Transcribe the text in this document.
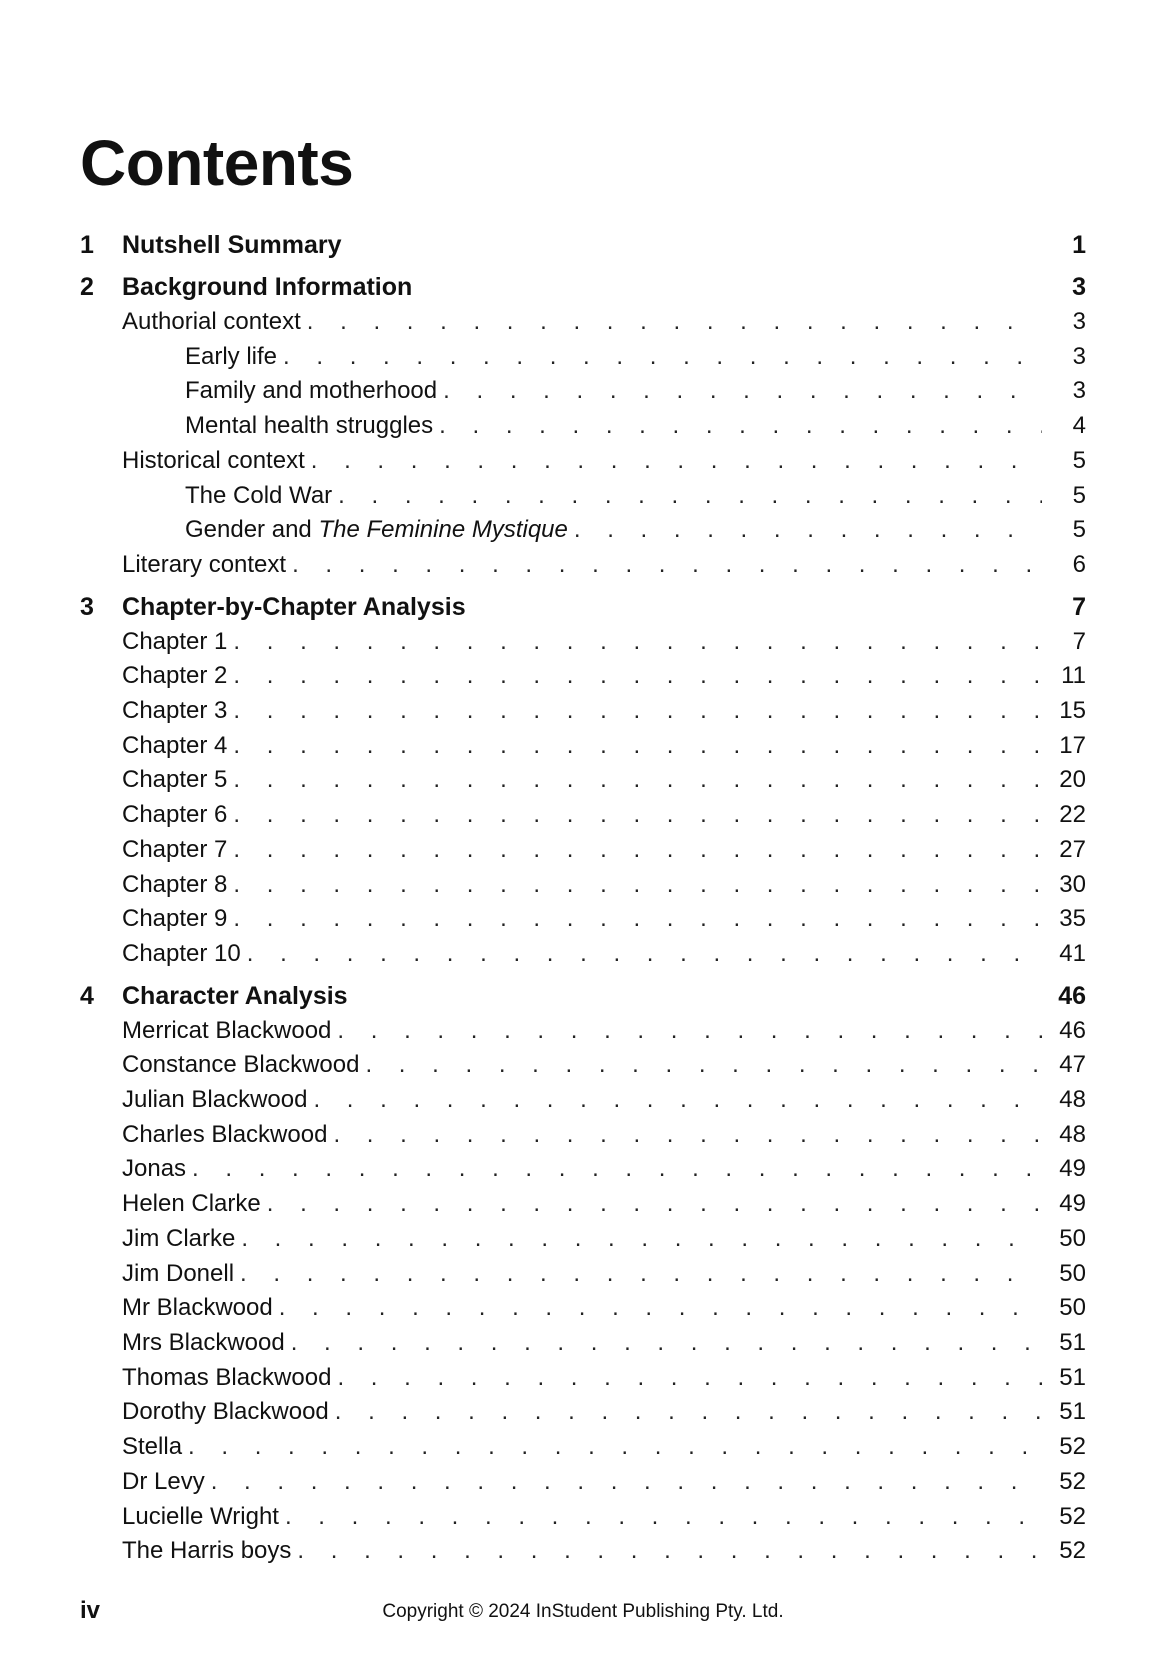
Contents
1	Nutshell Summary	1
2	Background Information	3
Authorial context . . .	3
Early life . . .	3
Family and motherhood . . .	3
Mental health struggles . . .	4
Historical context . . .	5
The Cold War . . .	5
Gender and The Feminine Mystique . . .	5
Literary context . . .	6
3	Chapter-by-Chapter Analysis	7
Chapter 1 . . .	7
Chapter 2 . . .	11
Chapter 3 . . .	15
Chapter 4 . . .	17
Chapter 5 . . .	20
Chapter 6 . . .	22
Chapter 7 . . .	27
Chapter 8 . . .	30
Chapter 9 . . .	35
Chapter 10 . . .	41
4	Character Analysis	46
Merricat Blackwood . . .	46
Constance Blackwood . . .	47
Julian Blackwood . . .	48
Charles Blackwood . . .	48
Jonas . . .	49
Helen Clarke . . .	49
Jim Clarke . . .	50
Jim Donell . . .	50
Mr Blackwood . . .	50
Mrs Blackwood . . .	51
Thomas Blackwood . . .	51
Dorothy Blackwood . . .	51
Stella . . .	52
Dr Levy . . .	52
Lucielle Wright . . .	52
The Harris boys . . .	52
iv	Copyright © 2024 InStudent Publishing Pty. Ltd.
